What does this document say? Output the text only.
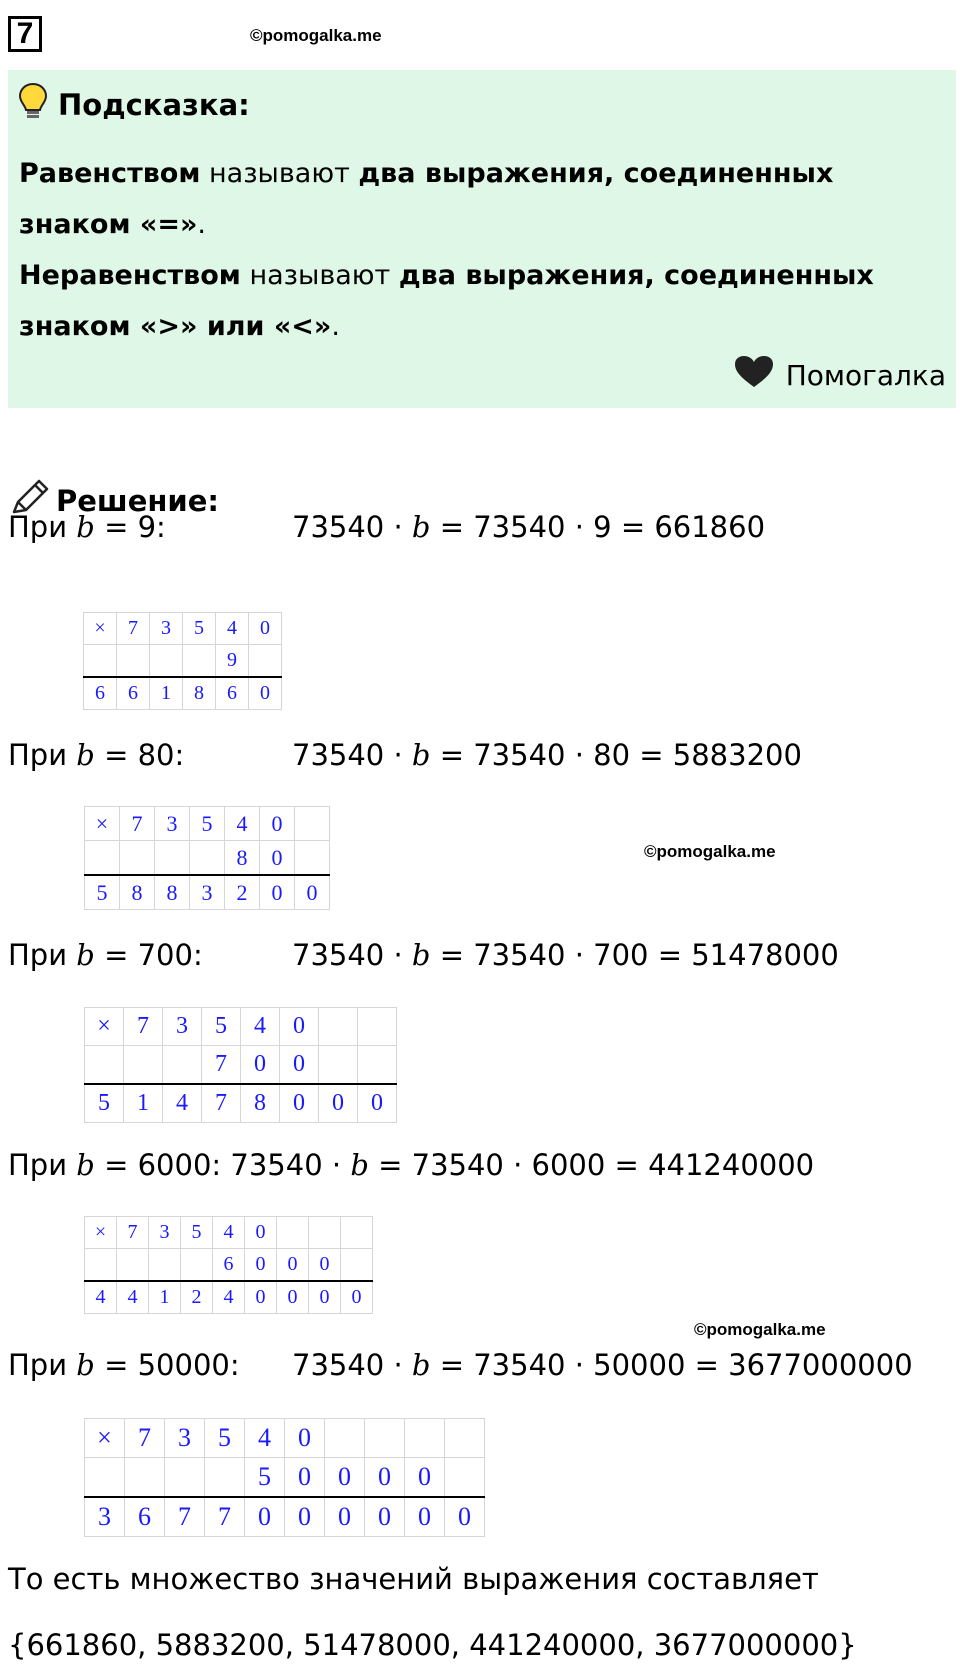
7	©pomogalka.me
Подсказка:
Равенством называют два выражения, соединенных знаком «=».
Неравенством называют два выражения, соединенных знаком «>» или «<».
Помогалка
Решение:
При b = 9:	73540 · b = 73540 · 9 = 661860
×	7	3	5	4	0
				9	
6	6	1	8	6	0
При b = 80:	73540 · b = 73540 · 80 = 5883200
×	7	3	5	4	0	
				8	0	
5	8	8	3	2	0	0
©pomogalka.me
При b = 700:	73540 · b = 73540 · 700 = 51478000
×	7	3	5	4	0		
			7	0	0		
5	1	4	7	8	0	0	0
При b = 6000: 73540 · b = 73540 · 6000 = 441240000
×	7	3	5	4	0			
				6	0	0	0	
4	4	1	2	4	0	0	0	0
©pomogalka.me
При b = 50000: 73540 · b = 73540 · 50000 = 3677000000
×	7	3	5	4	0				
				5	0	0	0	0	
3	6	7	7	0	0	0	0	0	0
То есть множество значений выражения составляет
{661860, 5883200, 51478000, 441240000, 3677000000}
